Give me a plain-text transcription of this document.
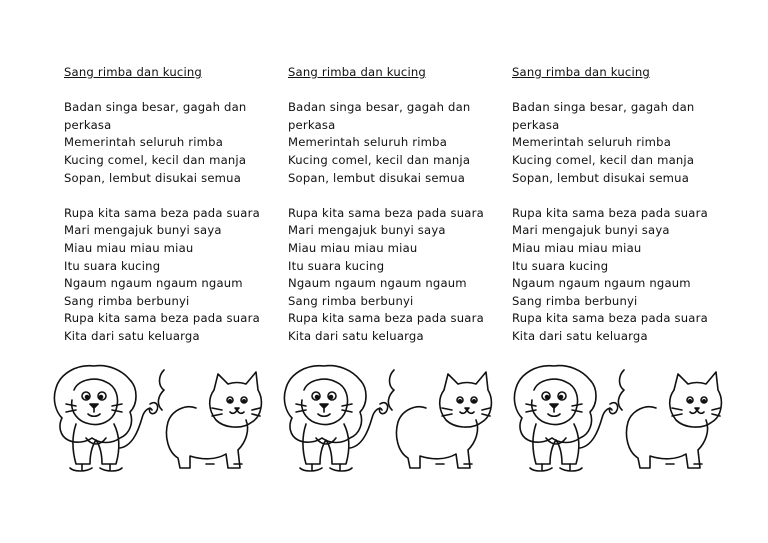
Sang rimba dan kucing
Badan singa besar, gagah dan perkasa
Memerintah seluruh rimba
Kucing comel, kecil dan manja
Sopan, lembut disukai semua
Rupa kita sama beza pada suara
Mari mengajuk bunyi saya
Miau miau miau miau
Itu suara kucing
Ngaum ngaum ngaum ngaum
Sang rimba berbunyi
Rupa kita sama beza pada suara
Kita dari satu keluarga
Sang rimba dan kucing
Badan singa besar, gagah dan perkasa
Memerintah seluruh rimba
Kucing comel, kecil dan manja
Sopan, lembut disukai semua
Rupa kita sama beza pada suara
Mari mengajuk bunyi saya
Miau miau miau miau
Itu suara kucing
Ngaum ngaum ngaum ngaum
Sang rimba berbunyi
Rupa kita sama beza pada suara
Kita dari satu keluarga
Sang rimba dan kucing
Badan singa besar, gagah dan perkasa
Memerintah seluruh rimba
Kucing comel, kecil dan manja
Sopan, lembut disukai semua
Rupa kita sama beza pada suara
Mari mengajuk bunyi saya
Miau miau miau miau
Itu suara kucing
Ngaum ngaum ngaum ngaum
Sang rimba berbunyi
Rupa kita sama beza pada suara
Kita dari satu keluarga
